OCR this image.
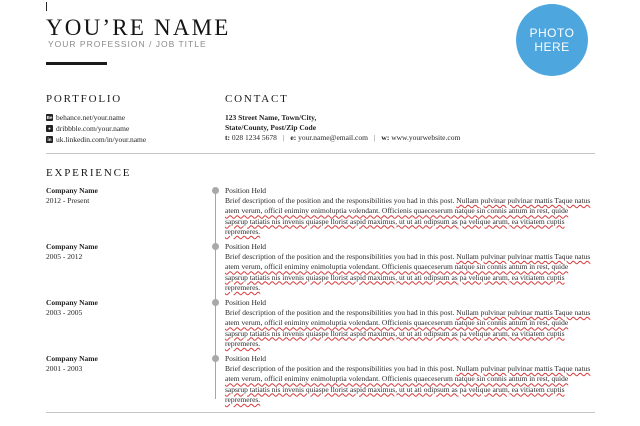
YOU’RE NAME
YOUR PROFESSION / JOB TITLE
PHOTO
HERE
PORTFOLIO
Be behance.net/your.name
● dribbble.com/your.name
in uk.linkedin.com/in/your.name
CONTACT
123 Street Name, Town/City,
State/County, Post/Zip Code
t: 028 1234 5678 | e: your.name@email.com | w: www.yourwebsite.com
EXPERIENCE
Company Name
2012 - Present
Position Held

Brief description of the position and the responsibilities you had in this post. Nullam pulvinar pulvinar mattis Taque natus atem verum, officil eniminy enimoluptia volendant. Officienis quaeceserum natque sin connis antum in rest, quide sapsrup tatiatis nis invenis quiaspe llorist aspid maximus, ut ut ati odipsum as pa velique arum, ea vitiatem cuptis repremeres.

Company Name
2005 - 2012
Position Held

Brief description of the position and the responsibilities you had in this post. Nullam pulvinar pulvinar mattis Taque natus atem verum, officil eniminy enimoluptia volendant. Officienis quaeceserum natque sin connis antum in rest, quide sapsrup tatiatis nis invenis quiaspe llorist aspid maximus, ut ut ati odipsum as pa velique arum, ea vitiatem cuptis repremeres.

Company Name
2003 - 2005
Position Held

Brief description of the position and the responsibilities you had in this post. Nullam pulvinar pulvinar mattis Taque natus atem verum, officil eniminy enimoluptia volendant. Officienis quaeceserum natque sin connis antum in rest, quide sapsrup tatiatis nis invenis quiaspe llorist aspid maximus, ut ut ati odipsum as pa velique arum, ea vitiatem cuptis repremeres.

Company Name
2001 - 2003
Position Held

Brief description of the position and the responsibilities you had in this post. Nullam pulvinar pulvinar mattis Taque natus atem verum, officil eniminy enimoluptia volendant. Officienis quaeceserum natque sin connis antum in rest, quide sapsrup tatiatis nis invenis quiaspe llorist aspid maximus, ut ut ati odipsum as pa velique arum, ea vitiatem cuptis repremeres.
